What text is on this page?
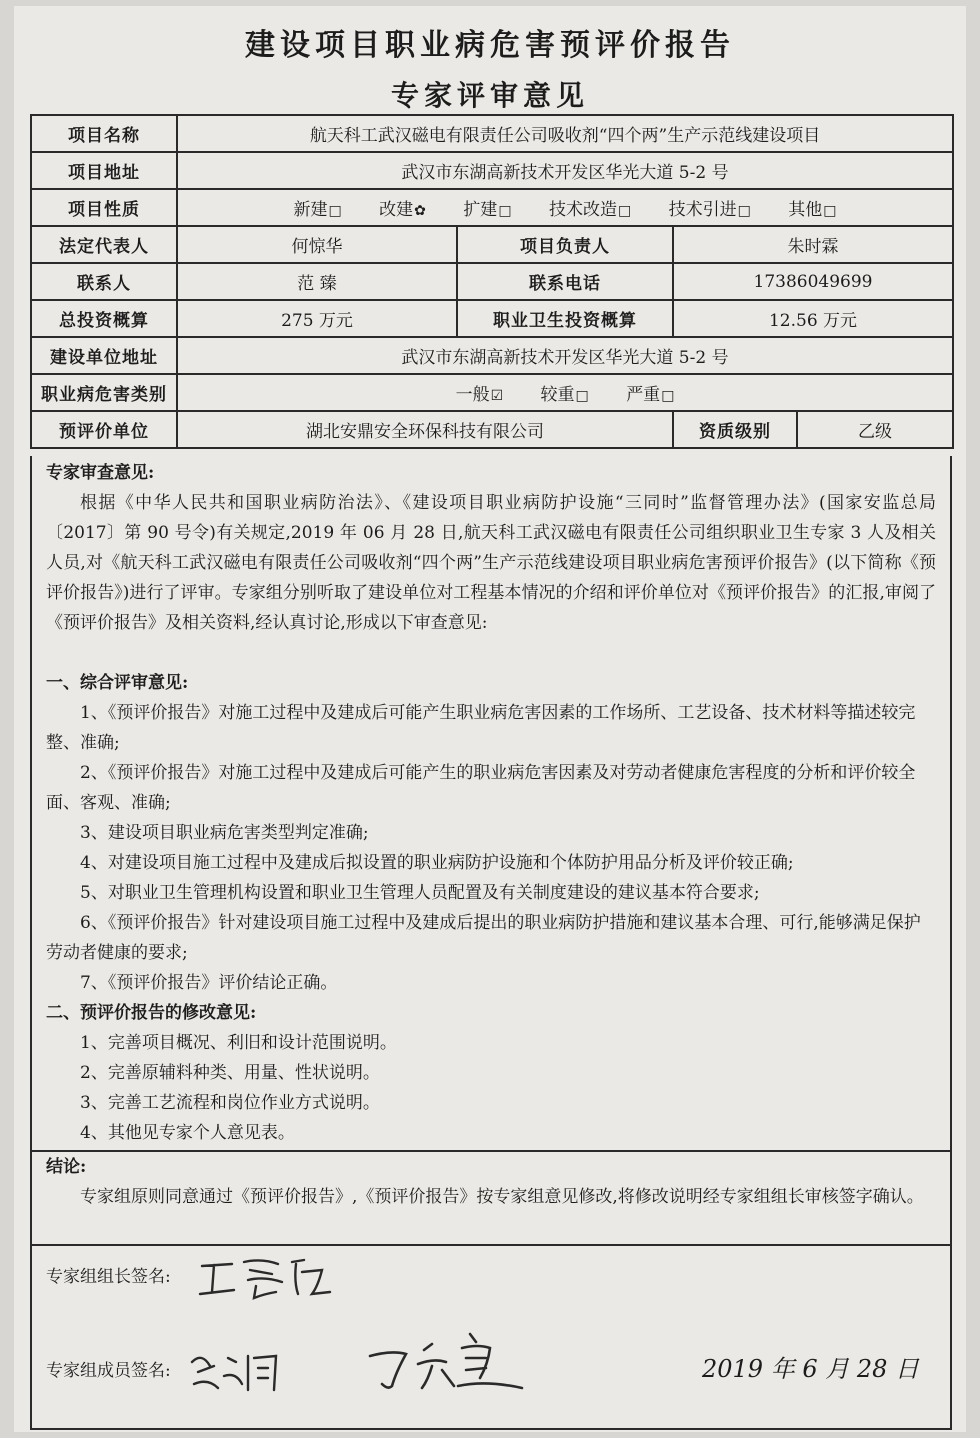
建设项目职业病危害预评价报告
专家评审意见
项目名称	航天科工武汉磁电有限责任公司吸收剂“四个两”生产示范线建设项目			
项目地址	武汉市东湖高新技术开发区华光大道 5-2 号			
项目性质	新建□ 改建✿ 扩建□ 技术改造□ 技术引进□ 其他□			
法定代表人	何惊华	项目负责人	朱时霖	
联系人	范 臻	联系电话	17386049699	
总投资概算	275 万元	职业卫生投资概算	12.56 万元	
建设单位地址	武汉市东湖高新技术开发区华光大道 5-2 号			
职业病危害类别	一般☑ 较重□ 严重□			
预评价单位	湖北安鼎安全环保科技有限公司		资质级别	乙级
专家审查意见:
根据《中华人民共和国职业病防治法》、《建设项目职业病防护设施“三同时”监督管理办法》(国家安监总局〔2017〕第 90 号令)有关规定,2019 年 06 月 28 日,航天科工武汉磁电有限责任公司组织职业卫生专家 3 人及相关人员,对《航天科工武汉磁电有限责任公司吸收剂“四个两”生产示范线建设项目职业病危害预评价报告》(以下简称《预评价报告》)进行了评审。专家组分别听取了建设单位对工程基本情况的介绍和评价单位对《预评价报告》的汇报,审阅了《预评价报告》及相关资料,经认真讨论,形成以下审查意见:
一、综合评审意见:
1、《预评价报告》对施工过程中及建成后可能产生职业病危害因素的工作场所、工艺设备、技术材料等描述较完整、准确;
2、《预评价报告》对施工过程中及建成后可能产生的职业病危害因素及对劳动者健康危害程度的分析和评价较全面、客观、准确;
3、建设项目职业病危害类型判定准确;
4、对建设项目施工过程中及建成后拟设置的职业病防护设施和个体防护用品分析及评价较正确;
5、对职业卫生管理机构设置和职业卫生管理人员配置及有关制度建设的建议基本符合要求;
6、《预评价报告》针对建设项目施工过程中及建成后提出的职业病防护措施和建议基本合理、可行,能够满足保护劳动者健康的要求;
7、《预评价报告》评价结论正确。
二、预评价报告的修改意见:
1、完善项目概况、利旧和设计范围说明。
2、完善原辅料种类、用量、性状说明。
3、完善工艺流程和岗位作业方式说明。
4、其他见专家个人意见表。
结论:
专家组原则同意通过《预评价报告》,《预评价报告》按专家组意见修改,将修改说明经专家组组长审核签字确认。
专家组组长签名:
专家组成员签名:	2019 年 6 月 28 日
